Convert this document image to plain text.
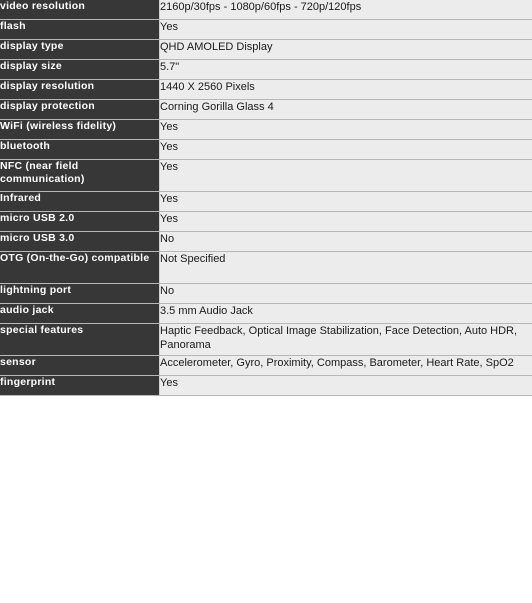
video resolution	2160p/30fps - 1080p/60fps - 720p/120fps
flash	Yes
display type	QHD AMOLED Display
display size	5.7"
display resolution	1440 X 2560 Pixels
display protection	Corning Gorilla Glass 4
WiFi (wireless fidelity)	Yes
bluetooth	Yes
NFC (near field communication)	Yes
Infrared	Yes
micro USB 2.0	Yes
micro USB 3.0	No
OTG (On-the-Go) compatible	Not Specified
lightning port	No
audio jack	3.5 mm Audio Jack
special features	Haptic Feedback, Optical Image Stabilization, Face Detection, Auto HDR, Panorama
sensor	Accelerometer, Gyro, Proximity, Compass, Barometer, Heart Rate, SpO2
fingerprint	Yes
